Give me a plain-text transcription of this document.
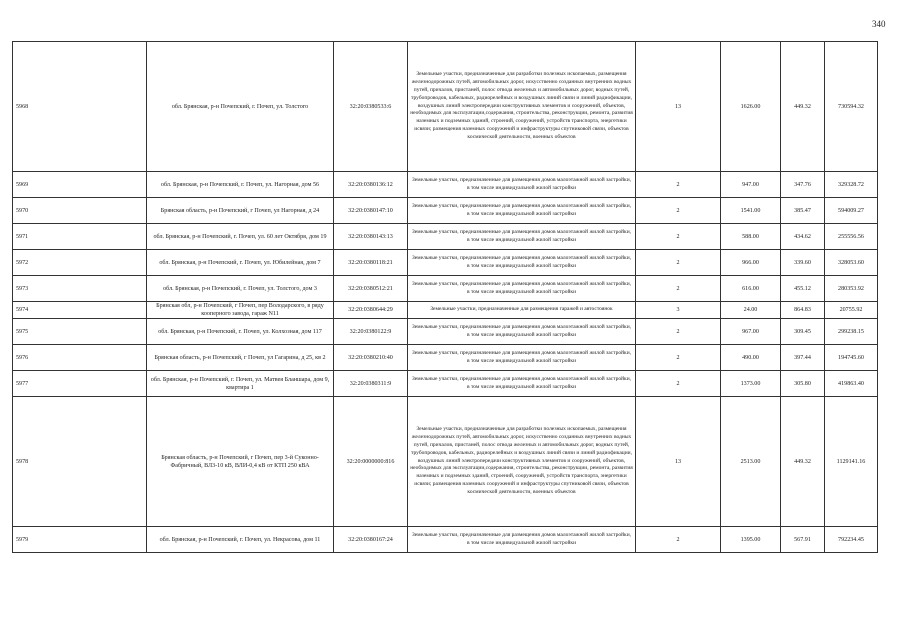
340
5968	обл. Брянская, р-н Почепский, г. Почеп, ул. Толстого	32:20:0380533:6	Земельные участки, предназначенные для разработки полезных ископаемых, размещения железнодорожных путей, автомобильных дорог, искусственно созданных внутренних водных путей, причалов, пристаней, полос отвода железных и автомобильных дорог, водных путей, трубопроводов, кабельных, радиорелейных и воздушных линий связи и линий радиофикации, воздушных линий электропередачи конструктивных элементов и сооружений, объектов, необходимых для эксплуатации,содержания, строительства, реконструкции, ремонта, развития наземных и подземных зданий, строений, сооружений, устройств транспорта, энергетики исвязи; размещения наземных сооружений и инфраструктуры спутниковой связи, объектов космической деятельности, военных объектов	13	1626.00	449.32	730594.32
5969	обл. Брянская, р-н Почепский, г. Почеп, ул. Нагорная, дом 56	32:20:0380136:12	Земельные участки, предназначенные для размещения домов малоэтажной жилой застройки, в том числе индивидуальной жилой застройки	2	947.00	347.76	329328.72
5970	Брянская область, р-н Почепский, г Почеп, ул Нагорная, д 24	32:20:0380147:10	Земельные участки, предназначенные для размещения домов малоэтажной жилой застройки, в том числе индивидуальной жилой застройки	2	1541.00	385.47	594009.27
5971	обл. Брянская, р-н Почепский, г. Почеп, ул. 60 лет Октября, дом 19	32:20:0380143:13	Земельные участки, предназначенные для размещения домов малоэтажной жилой застройки, в том числе индивидуальной жилой застройки	2	588.00	434.62	255556.56
5972	обл. Брянская, р-н Почепский, г. Почеп, ул. Юбилейная, дом 7	32:20:0380118:21	Земельные участки, предназначенные для размещения домов малоэтажной жилой застройки, в том числе индивидуальной жилой застройки	2	966.00	339.60	328053.60
5973	обл. Брянская, р-н Почепский, г. Почеп, ул. Толстого, дом 3	32:20:0380512:21	Земельные участки, предназначенные для размещения домов малоэтажной жилой застройки, в том числе индивидуальной жилой застройки	2	616.00	455.12	280353.92
5974	Брянская обл, р-н Почепский, г Почеп, пер Володарского, в ряду кооперного завода, гараж N11	32:20:0380644:29	Земельные участки, предназначенные для размещения гаражей и автостоянок	3	24.00	864.83	20755.92
5975	обл. Брянская, р-н Почепский, г. Почеп, ул. Колхозная, дом 117	32:20:0380122:9	Земельные участки, предназначенные для размещения домов малоэтажной жилой застройки, в том числе индивидуальной жилой застройки	2	967.00	309.45	299238.15
5976	Брянская область, р-н Почепский, г Почеп, ул Гагарина, д 25, кв 2	32:20:0380210:40	Земельные участки, предназначенные для размещения домов малоэтажной жилой застройки, в том числе индивидуальной жилой застройки	2	490.00	397.44	194745.60
5977	обл. Брянская, р-н Почепский, г. Почеп, ул. Матвея Бланшара, дом 9, квартира 1	32:20:0380311:9	Земельные участки, предназначенные для размещения домов малоэтажной жилой застройки, в том числе индивидуальной жилой застройки	2	1373.00	305.80	419863.40
5978	Брянская область, р-н Почепский, г Почеп, пер 3-й Суконно-Фабричный, ВЛ3-10 кВ, ВЛИ-0,4 кВ от КТП 250 кВА	32:20:0000000:816	Земельные участки, предназначенные для разработки полезных ископаемых, размещения железнодорожных путей, автомобильных дорог, искусственно созданных внутренних водных путей, причалов, пристаней, полос отвода железных и автомобильных дорог, водных путей, трубопроводов, кабельных, радиорелейных и воздушных линий связи и линий радиофикации, воздушных линий электропередачи конструктивных элементов и сооружений, объектов, необходимых для эксплуатации,содержания, строительства, реконструкции, ремонта, развития наземных и подземных зданий, строений, сооружений, устройств транспорта, энергетики исвязи; размещения наземных сооружений и инфраструктуры спутниковой связи, объектов космической деятельности, военных объектов	13	2513.00	449.32	1129141.16
5979	обл. Брянская, р-н Почепский, г. Почеп, ул. Некрасова, дом 11	32:20:0380167:24	Земельные участки, предназначенные для размещения домов малоэтажной жилой застройки, в том числе индивидуальной жилой застройки	2	1395.00	567.91	792234.45
